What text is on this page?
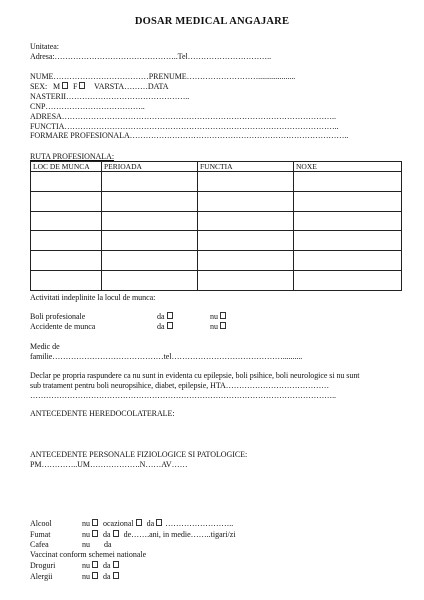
DOSAR MEDICAL ANGAJARE
Unitatea:
Adresa:………………………………………..Tel…………………………..
NUME………………………………PRENUME………………………...................
SEX: M F VARSTA………DATA
NASTERII………………………………………..
CNP………………………………..
ADRESA…………………………………………………………………………………………..
FUNCTIA…………………………………………………………………………………………..
FORMARE PROFESIONALA………………………………………………………………………..
RUTA PROFESIONALA:
LOC DE MUNCA	PERIOADA	FUNCTIA	NOXE

Activitati indeplinite la locul de munca:
Boli profesionale	da	nu
Accidente de munca	da	nu
Medic de
familie……………………………………tel……………………………………..........
Declar pe propria raspundere ca nu sunt in evidenta cu epilepsie, boli psihice, boli neurologice si nu sunt
sub tratament pentru boli neuropsihice, diabet, epilepsie, HTA…………………………………
……………………………………………………………………………………………………..
ANTECEDENTE HEREDOCOLATERALE:
ANTECEDENTE PERSONALE FIZIOLOGICE SI PATOLOGICE:
PM…………..UM……………….N……AV……
Alcool	nu ocazional da ……………………..
Fumat	nu da de…….ani, in medie……..tigari/zi
Cafea	nu da
Vaccinat conform schemei nationale
Droguri	nu da
Alergii	nu da
